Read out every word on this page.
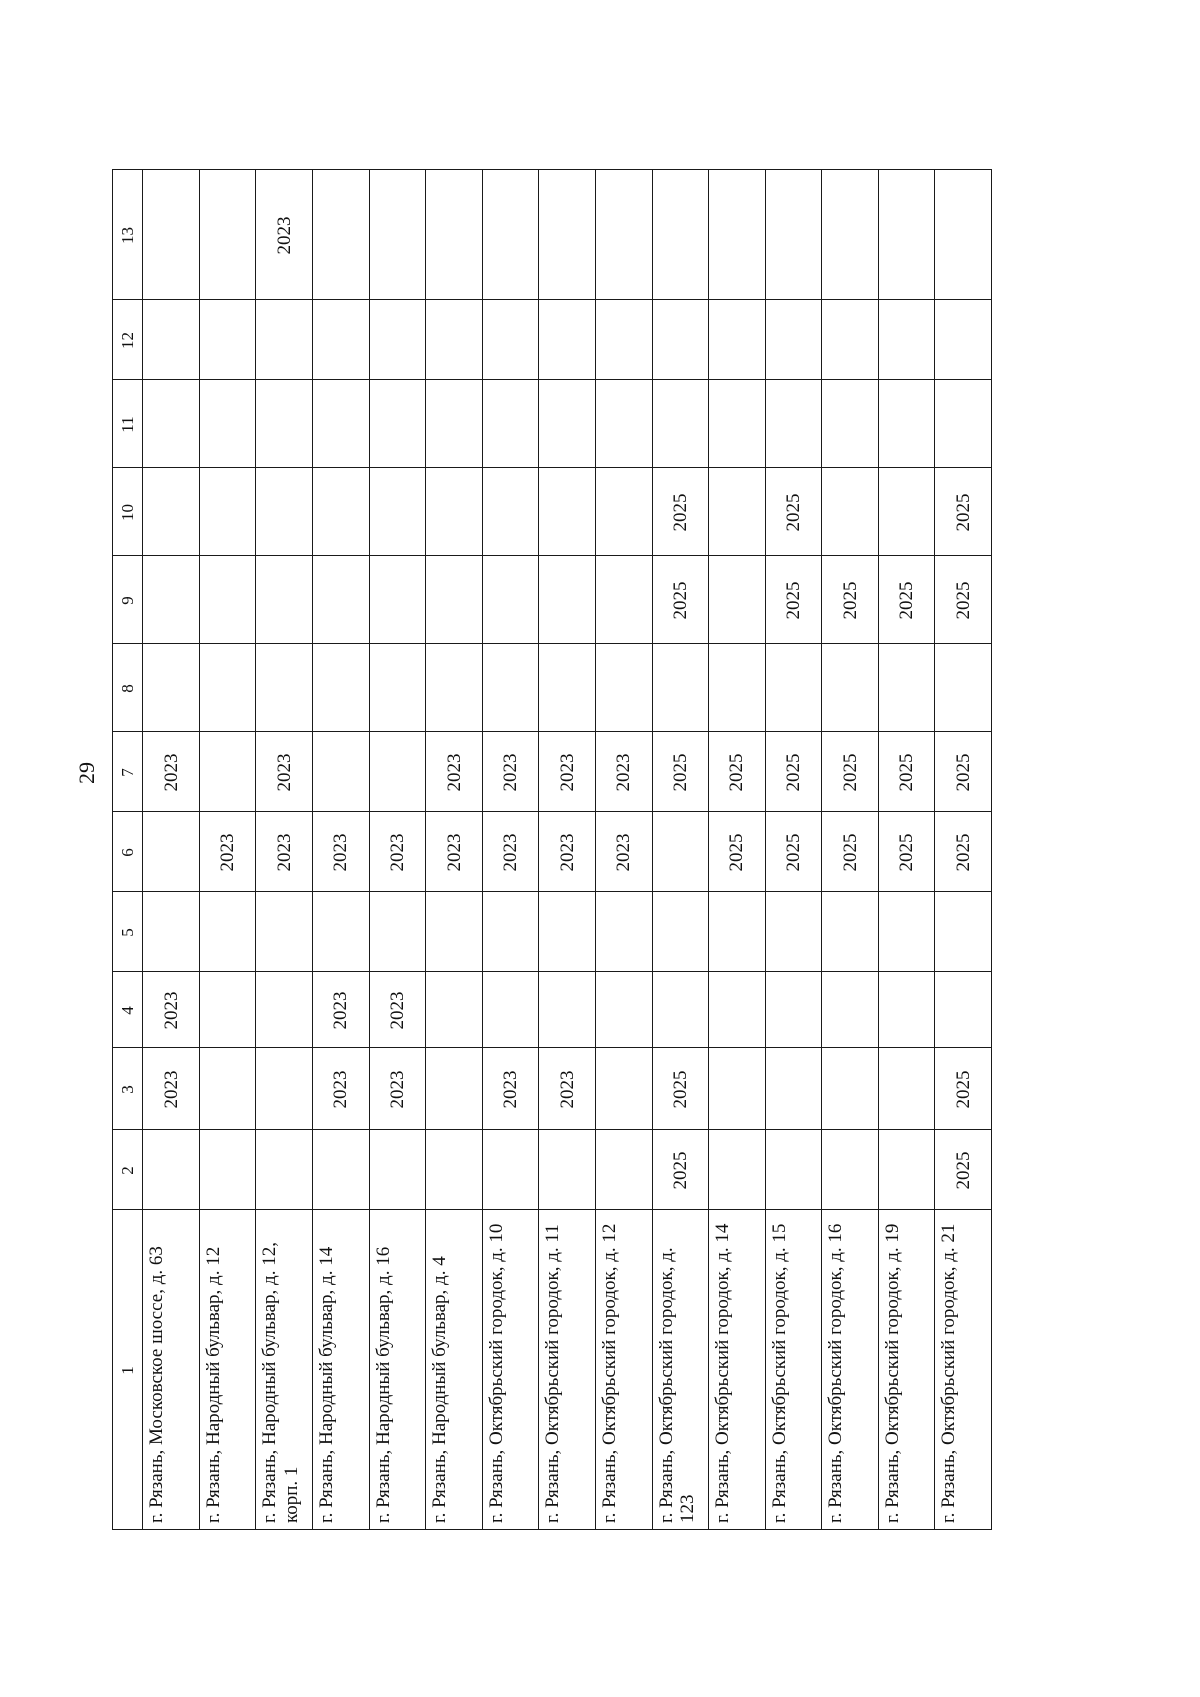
29
1	2	3	4	5	6	7	8	9	10	11	12	13
г. Рязань, Московское шоссе, д. 63		2023	2023			2023						
г. Рязань, Народный бульвар, д. 12					2023							
г. Рязань, Народный бульвар, д. 12, корп. 1					2023	2023						2023
г. Рязань, Народный бульвар, д. 14		2023	2023		2023							
г. Рязань, Народный бульвар, д. 16		2023	2023		2023							
г. Рязань, Народный бульвар, д. 4					2023	2023						
г. Рязань, Октябрьский городок, д. 10		2023			2023	2023						
г. Рязань, Октябрьский городок, д. 11		2023			2023	2023						
г. Рязань, Октябрьский городок, д. 12					2023	2023						
г. Рязань, Октябрьский городок, д. 123	2025	2025				2025		2025	2025			
г. Рязань, Октябрьский городок, д. 14					2025	2025						
г. Рязань, Октябрьский городок, д. 15					2025	2025		2025	2025			
г. Рязань, Октябрьский городок, д. 16					2025	2025		2025				
г. Рязань, Октябрьский городок, д. 19					2025	2025		2025				
г. Рязань, Октябрьский городок, д. 21	2025	2025			2025	2025		2025	2025			
